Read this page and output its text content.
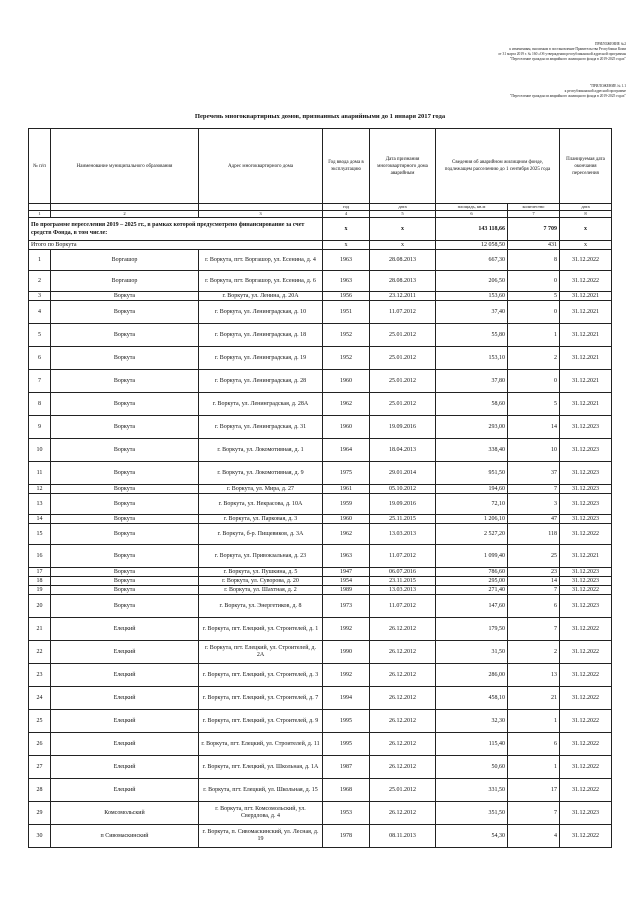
ПРИЛОЖЕНИЕ №2
к изменениям, вносимым в постановление Правительства Республики Коми
от 31 марта 2019 г. № 160 «Об утверждении республиканской адресной программы
"Переселение граждан из аварийного жилищного фонда в 2019-2025 годах"
"ПРИЛОЖЕНИЕ № 1.1
к республиканской адресной программе
"Переселение граждан из аварийного жилищного фонда в 2019-2025 годах"
Перечень многоквартирных домов, признанных аварийными до 1 января 2017 года
№ п/п	Наименование муниципального образования	Адрес многоквартирного дома	Год ввода дома в эксплуатацию	Дата признания многоквартирного дома аварийным	Сведения об аварийном жилищном фонде, подлежащем расселению до 1 сентября 2025 года		Планируемая дата окончания переселения
			год	дата	площадь, кв.м	количество	дата
1	2	3	4	5	6	7	8
По программе переселения 2019 – 2025 гг., в рамках которой предусмотрено финансирование за счет средств Фонда, в том числе:			x	x	143 118,66	7 709	x
Итого по Воркута			x	x	12 058,50	431	x
1	Воргашор	г. Воркута, пгт. Воргашор, ул. Есенина, д. 4	1963	28.08.2013	667,30	8	31.12.2022
2	Воргашор	г. Воркута, пгт. Воргашор, ул. Есенина, д. 6	1963	28.08.2013	206,50	0	31.12.2022
3	Воркута	г. Воркута, ул. Ленина, д. 20А	1956	23.12.2011	153,60	5	31.12.2021
4	Воркута	г. Воркута, ул. Ленинградская, д. 10	1951	11.07.2012	37,40	0	31.12.2021
5	Воркута	г. Воркута, ул. Ленинградская, д. 18	1952	25.01.2012	55,80	1	31.12.2021
6	Воркута	г. Воркута, ул. Ленинградская, д. 19	1952	25.01.2012	153,10	2	31.12.2021
7	Воркута	г. Воркута, ул. Ленинградская, д. 28	1960	25.01.2012	37,80	0	31.12.2021
8	Воркута	г. Воркута, ул. Ленинградская, д. 28А	1962	25.01.2012	58,60	5	31.12.2021
9	Воркута	г. Воркута, ул. Ленинградская, д. 31	1960	19.09.2016	293,00	14	31.12.2023
10	Воркута	г. Воркута, ул. Локомотивная, д. 1	1964	18.04.2013	338,40	10	31.12.2023
11	Воркута	г. Воркута, ул. Локомотивная, д. 9	1975	29.01.2014	951,50	37	31.12.2023
12	Воркута	г. Воркута, ул. Мира, д. 27	1961	05.10.2012	194,60	7	31.12.2023
13	Воркута	г. Воркута, ул. Некрасова, д. 10А	1959	19.09.2016	72,10	3	31.12.2023
14	Воркута	г. Воркута, ул. Парковая, д. 3	1960	25.11.2015	1 206,10	47	31.12.2023
15	Воркута	г. Воркута, б-р. Пищевиков, д. 3А	1962	13.03.2013	2 527,20	118	31.12.2022
16	Воркута	г. Воркута, ул. Привокзальная, д. 23	1963	11.07.2012	1 099,40	25	31.12.2021
17	Воркута	г. Воркута, ул. Пушкина, д. 5	1947	06.07.2016	786,60	23	31.12.2023
18	Воркута	г. Воркута, ул. Суворова, д. 20	1954	23.11.2015	295,00	14	31.12.2023
19	Воркута	г. Воркута, ул. Шахтная, д. 2	1989	13.03.2013	271,40	7	31.12.2022
20	Воркута	г. Воркута, ул. Энергетиков, д. 8	1973	11.07.2012	147,60	6	31.12.2023
21	Елецкий	г. Воркута, пгт. Елецкий, ул. Строителей, д. 1	1992	26.12.2012	179,50	7	31.12.2022
22	Елецкий	г. Воркута, пгт. Елецкий, ул. Строителей, д. 2А	1990	26.12.2012	31,50	2	31.12.2022
23	Елецкий	г. Воркута, пгт. Елецкий, ул. Строителей, д. 3	1992	26.12.2012	286,00	13	31.12.2022
24	Елецкий	г. Воркута, пгт. Елецкий, ул. Строителей, д. 7	1994	26.12.2012	458,10	21	31.12.2022
25	Елецкий	г. Воркута, пгт. Елецкий, ул. Строителей, д. 9	1995	26.12.2012	32,30	1	31.12.2022
26	Елецкий	г. Воркута, пгт. Елецкий, ул. Строителей, д. 11	1995	26.12.2012	115,40	6	31.12.2022
27	Елецкий	г. Воркута, пгт. Елецкий, ул. Школьная, д. 1А	1987	26.12.2012	50,60	1	31.12.2022
28	Елецкий	г. Воркута, пгт. Елецкий, ул. Школьная, д. 15	1968	25.01.2012	331,50	17	31.12.2022
29	Комсомольский	г. Воркута, пгт. Комсомольский, ул. Свердлова, д. 4	1953	26.12.2012	351,50	7	31.12.2023
30	п Сивомаскинский	г. Воркута, п. Сивомаскинский, ул. Лесная, д. 19	1978	08.11.2013	54,30	4	31.12.2022
